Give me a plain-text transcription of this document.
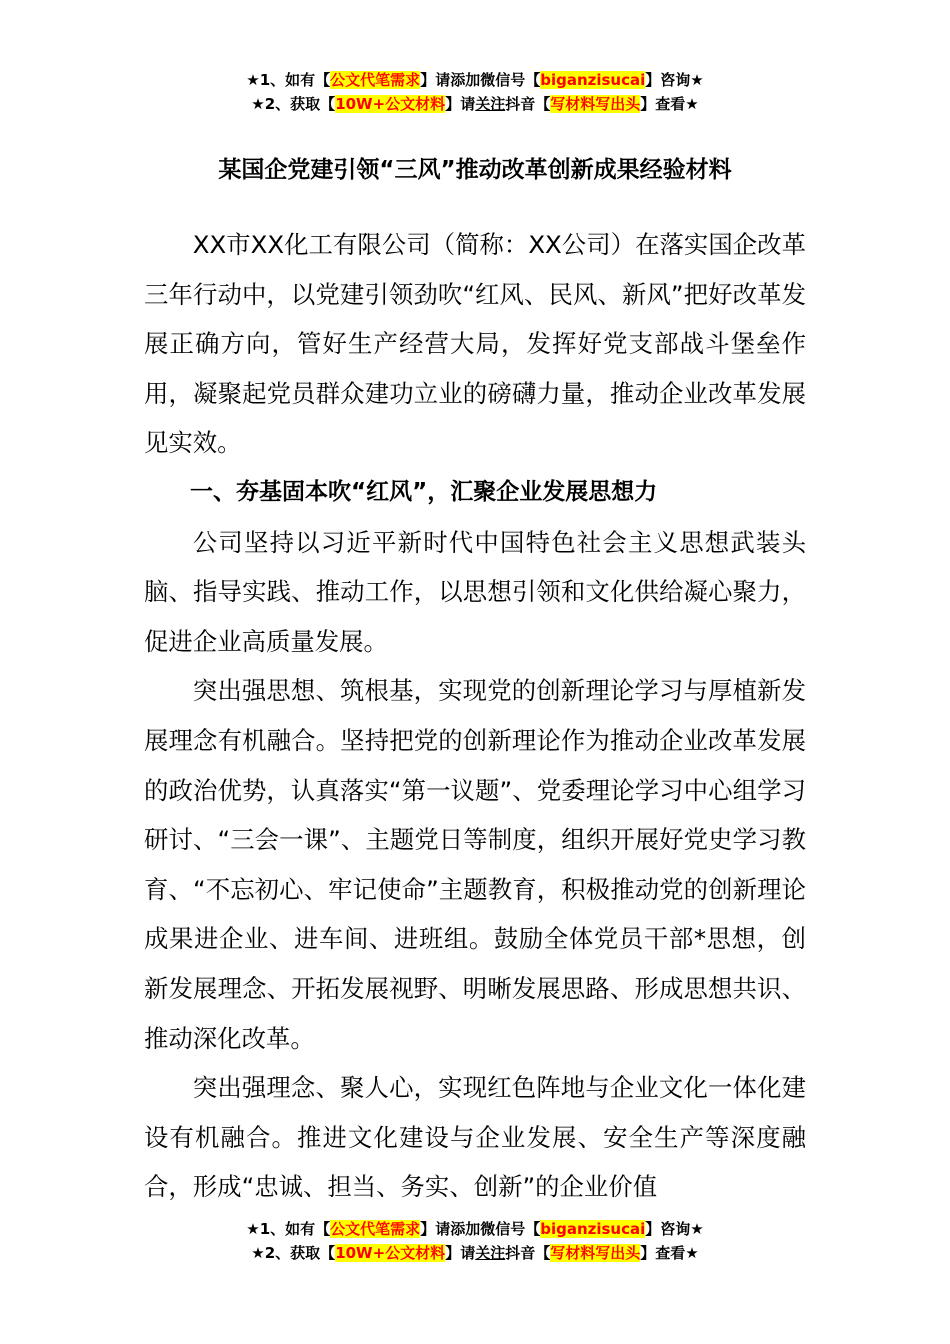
★1、如有【公文代笔需求】请添加微信号【biganzisucai】咨询★
★2、获取【10W+公文材料】请关注抖音【写材料写出头】查看★
某国企党建引领“三风”推动改革创新成果经验材料

XX市XX化工有限公司（简称：XX公司）在落实国企改革三年行动中，以党建引领劲吹“红风、民风、新风”把好改革发展正确方向，管好生产经营大局，发挥好党支部战斗堡垒作用，凝聚起党员群众建功立业的磅礴力量，推动企业改革发展见实效。

一、夯基固本吹“红风”，汇聚企业发展思想力

公司坚持以习近平新时代中国特色社会主义思想武装头脑、指导实践、推动工作，以思想引领和文化供给凝心聚力，促进企业高质量发展。

突出强思想、筑根基，实现党的创新理论学习与厚植新发展理念有机融合。坚持把党的创新理论作为推动企业改革发展的政治优势，认真落实“第一议题”、党委理论学习中心组学习研讨、“三会一课”、主题党日等制度，组织开展好党史学习教育、“不忘初心、牢记使命”主题教育，积极推动党的创新理论成果进企业、进车间、进班组。鼓励全体党员干部*思想，创新发展理念、开拓发展视野、明晰发展思路、形成思想共识、推动深化改革。

突出强理念、聚人心，实现红色阵地与企业文化一体化建设有机融合。推进文化建设与企业发展、安全生产等深度融合，形成“忠诚、担当、务实、创新”的企业价值

★1、如有【公文代笔需求】请添加微信号【biganzisucai】咨询★
★2、获取【10W+公文材料】请关注抖音【写材料写出头】查看★
